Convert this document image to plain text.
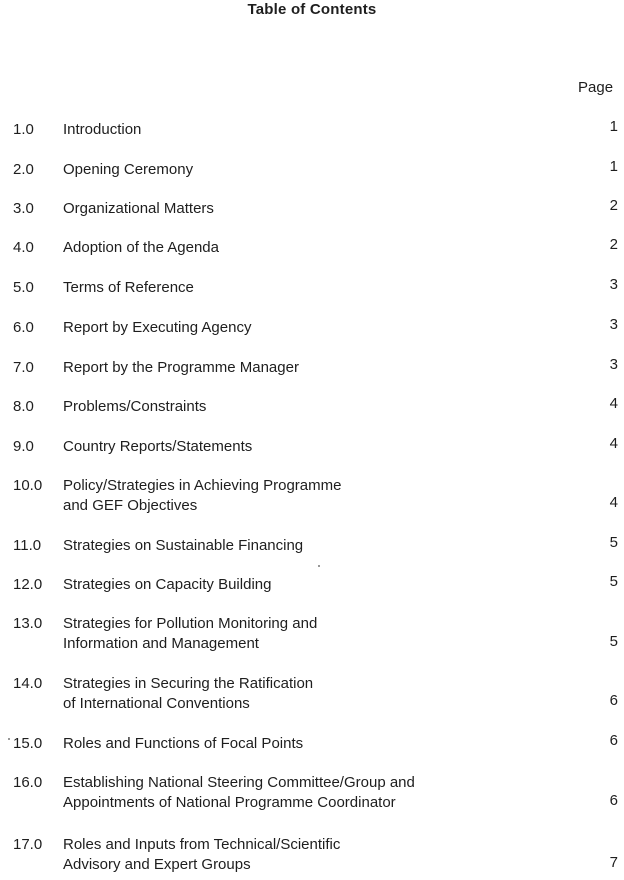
Table of Contents
Page
1.0 Introduction	1
2.0 Opening Ceremony	1
3.0 Organizational Matters	2
4.0 Adoption of the Agenda	2
5.0 Terms of Reference	3
6.0 Report by Executing Agency	3
7.0 Report by the Programme Manager	3
8.0 Problems/Constraints	4
9.0 Country Reports/Statements	4
10.0 Policy/Strategies in Achieving Programme
and GEF Objectives	4
11.0 Strategies on Sustainable Financing	5
12.0 Strategies on Capacity Building	5
13.0 Strategies for Pollution Monitoring and
Information and Management	5
14.0 Strategies in Securing the Ratification
of International Conventions	6
15.0 Roles and Functions of Focal Points	6
16.0 Establishing National Steering Committee/Group and
Appointments of National Programme Coordinator	6
17.0 Roles and Inputs from Technical/Scientific
Advisory and Expert Groups	7
